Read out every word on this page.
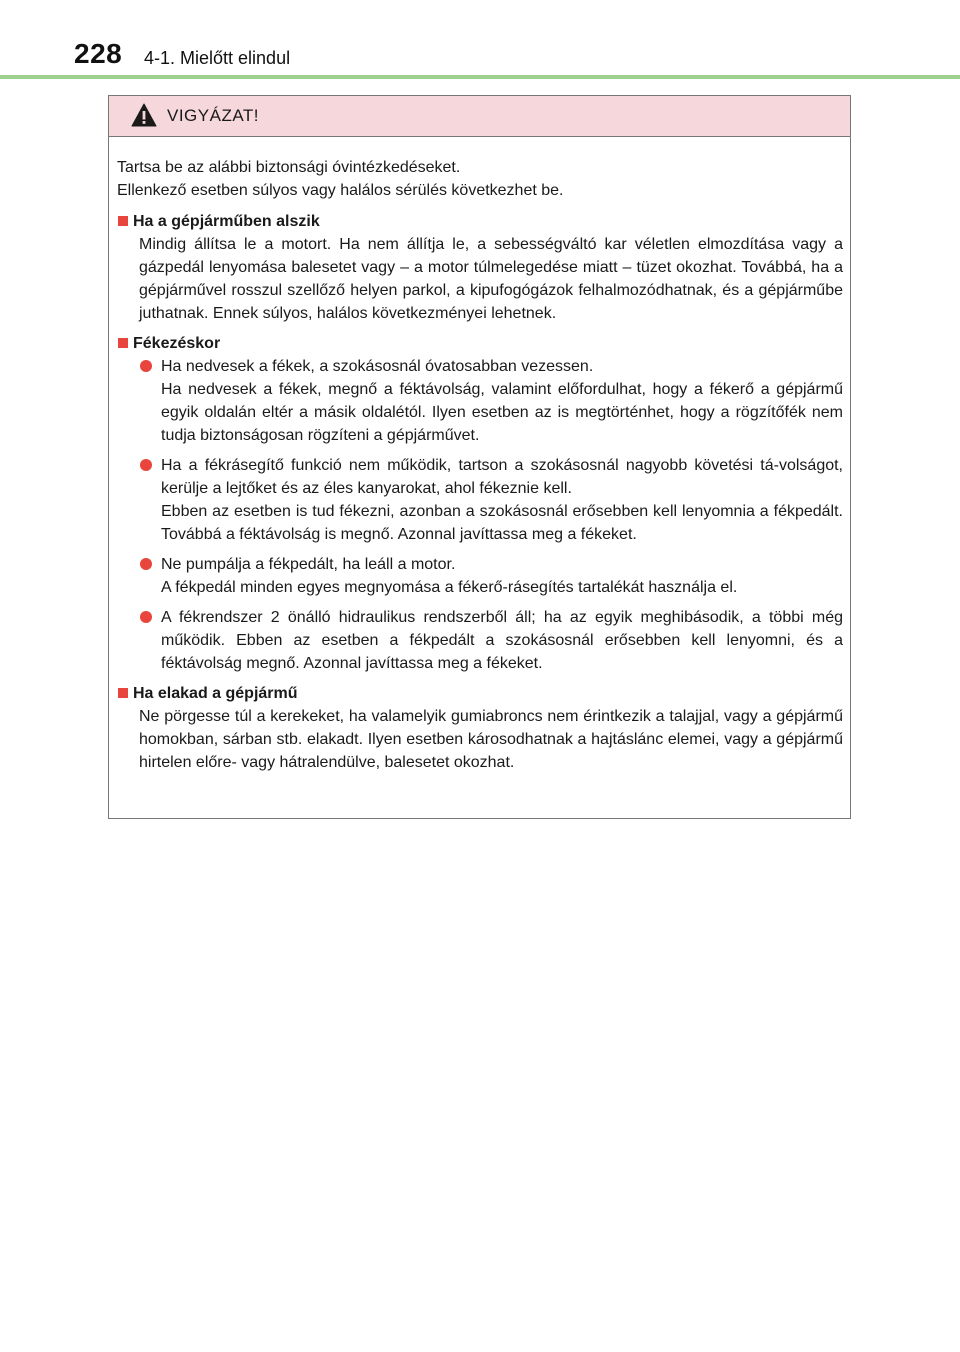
228 4-1. Mielőtt elindul
VIGYÁZAT!

Tartsa be az alábbi biztonsági óvintézkedéseket.

Ellenkező esetben súlyos vagy halálos sérülés következhet be.

Ha a gépjárműben alszik

Mindig állítsa le a motort. Ha nem állítja le, a sebességváltó kar véletlen elmozdítása vagy a gázpedál lenyomása balesetet vagy – a motor túlmelegedése miatt – tüzet okozhat. Továbbá, ha a gépjárművel rosszul szellőző helyen parkol, a kipufogógázok felhalmozódhatnak, és a gépjárműbe juthatnak. Ennek súlyos, halálos következményei lehetnek.

Fékezéskor

Ha nedvesek a fékek, a szokásosnál óvatosabban vezessen.

Ha nedvesek a fékek, megnő a féktávolság, valamint előfordulhat, hogy a fékerő a gépjármű egyik oldalán eltér a másik oldalétól. Ilyen esetben az is megtörténhet, hogy a rögzítőfék nem tudja biztonságosan rögzíteni a gépjárművet.

Ha a fékrásegítő funkció nem működik, tartson a szokásosnál nagyobb követési tá-volságot, kerülje a lejtőket és az éles kanyarokat, ahol fékeznie kell.

Ebben az esetben is tud fékezni, azonban a szokásosnál erősebben kell lenyomnia a fékpedált. Továbbá a féktávolság is megnő. Azonnal javíttassa meg a fékeket.

Ne pumpálja a fékpedált, ha leáll a motor.

A fékpedál minden egyes megnyomása a fékerő-rásegítés tartalékát használja el.

A fékrendszer 2 önálló hidraulikus rendszerből áll; ha az egyik meghibásodik, a többi még működik. Ebben az esetben a fékpedált a szokásosnál erősebben kell lenyomni, és a féktávolság megnő. Azonnal javíttassa meg a fékeket.

Ha elakad a gépjármű

Ne pörgesse túl a kerekeket, ha valamelyik gumiabroncs nem érintkezik a talajjal, vagy a gépjármű homokban, sárban stb. elakadt. Ilyen esetben károsodhatnak a hajtáslánc elemei, vagy a gépjármű hirtelen előre- vagy hátralendülve, balesetet okozhat.
